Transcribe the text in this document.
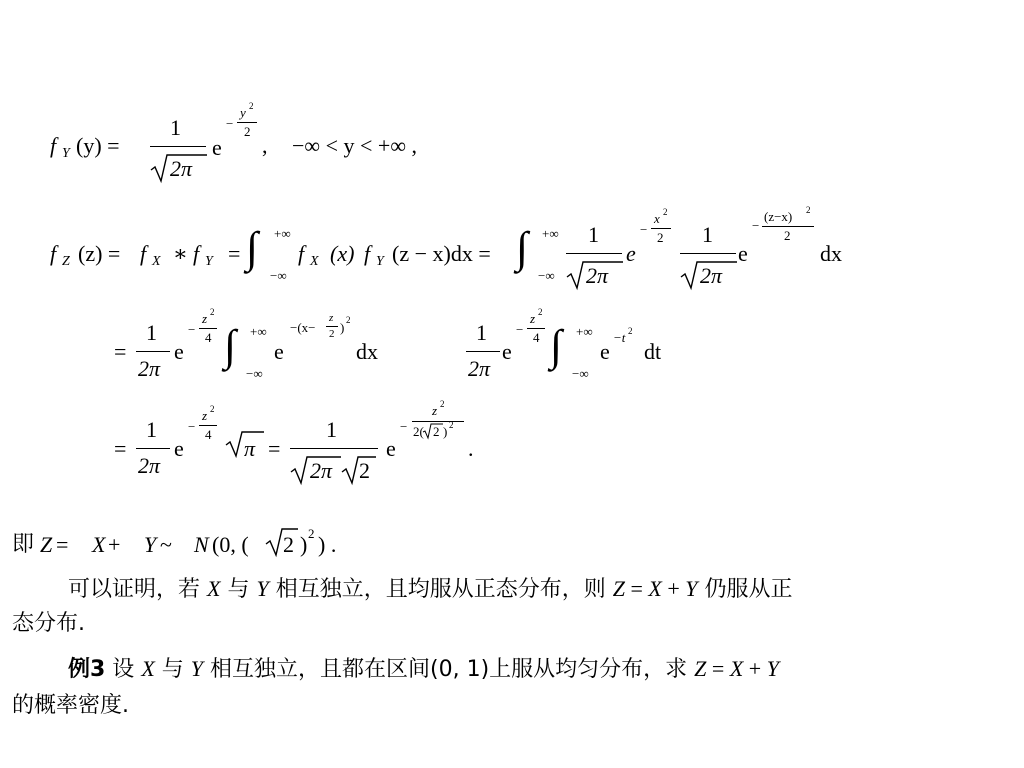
f Y (y) =
1
2π
e
−
y 2
2
, −∞ < y < +∞ ,
f Z (z) = f X ∗ f Y = ∫ +∞
−∞
f X (x) f Y (z − x)dx = ∫ +∞
−∞
1
2π
e
−
x 2
2 1
2π
e
−
(z−x) 2
2
dx
=
1
2π
e
−
z 2
4 ∫ +∞
−∞
e
−(x−
z
2 ) 2
dx
1
2π
e
−
z 2
4 ∫ +∞
−∞
e
−t 2
dt
=
1
2π
e
−
z 2
4
π =
1
2π 2
e
−
z 2
2( 2 ) 2
.
即 Z = X + Y ~ N (0, ( 2 ) 2 ) .
可以证明，若 X 与 Y 相互独立，且均服从正态分布，则 Z = X + Y 仍服从正
态分布.
例3 设 X 与 Y 相互独立，且都在区间(0, 1)上服从均匀分布，求 Z = X + Y
的概率密度.
